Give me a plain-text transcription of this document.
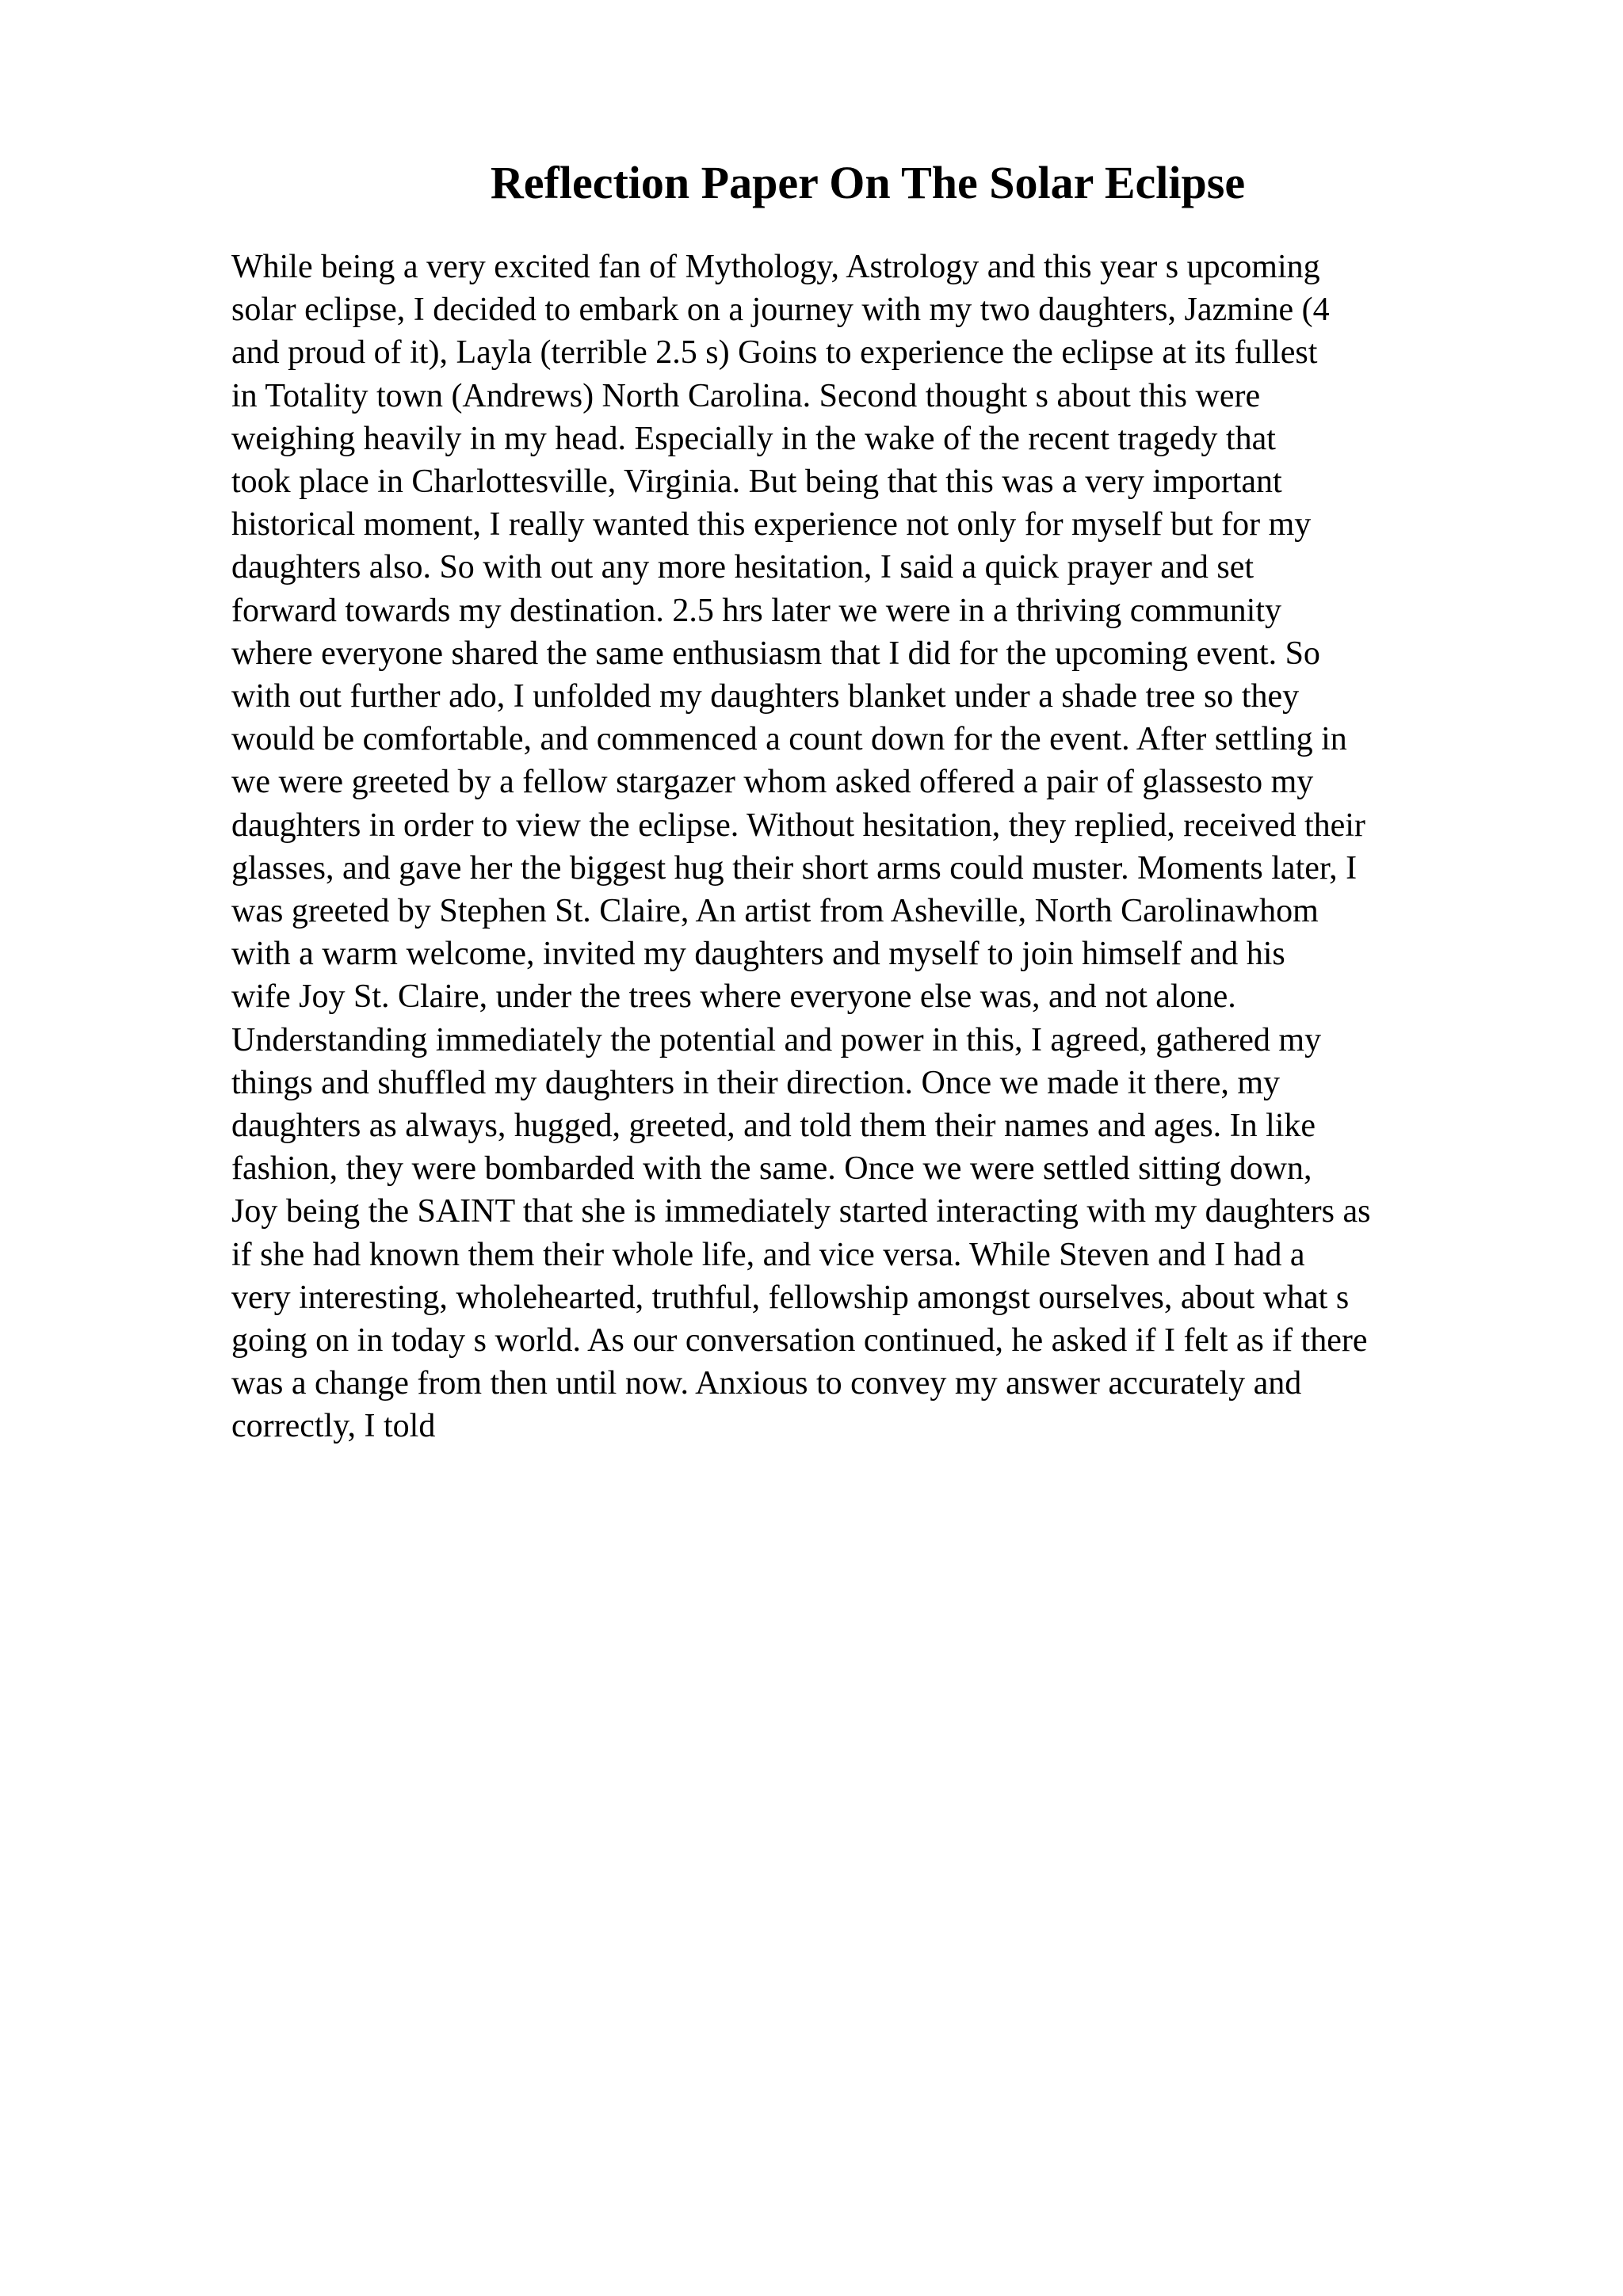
Reflection Paper On The Solar Eclipse
While being a very excited fan of Mythology, Astrology and this year s upcoming
solar eclipse, I decided to embark on a journey with my two daughters, Jazmine (4
and proud of it), Layla (terrible 2.5 s) Goins to experience the eclipse at its fullest
in Totality town (Andrews) North Carolina. Second thought s about this were
weighing heavily in my head. Especially in the wake of the recent tragedy that
took place in Charlottesville, Virginia. But being that this was a very important
historical moment, I really wanted this experience not only for myself but for my
daughters also. So with out any more hesitation, I said a quick prayer and set
forward towards my destination. 2.5 hrs later we were in a thriving community
where everyone shared the same enthusiasm that I did for the upcoming event. So
with out further ado, I unfolded my daughters blanket under a shade tree so they
would be comfortable, and commenced a count down for the event. After settling in
we were greeted by a fellow stargazer whom asked offered a pair of glassesto my
daughters in order to view the eclipse. Without hesitation, they replied, received their
glasses, and gave her the biggest hug their short arms could muster. Moments later, I
was greeted by Stephen St. Claire, An artist from Asheville, North Carolinawhom
with a warm welcome, invited my daughters and myself to join himself and his
wife Joy St. Claire, under the trees where everyone else was, and not alone.
Understanding immediately the potential and power in this, I agreed, gathered my
things and shuffled my daughters in their direction. Once we made it there, my
daughters as always, hugged, greeted, and told them their names and ages. In like
fashion, they were bombarded with the same. Once we were settled sitting down,
Joy being the SAINT that she is immediately started interacting with my daughters as
if she had known them their whole life, and vice versa. While Steven and I had a
very interesting, wholehearted, truthful, fellowship amongst ourselves, about what s
going on in today s world. As our conversation continued, he asked if I felt as if there
was a change from then until now. Anxious to convey my answer accurately and
correctly, I told
